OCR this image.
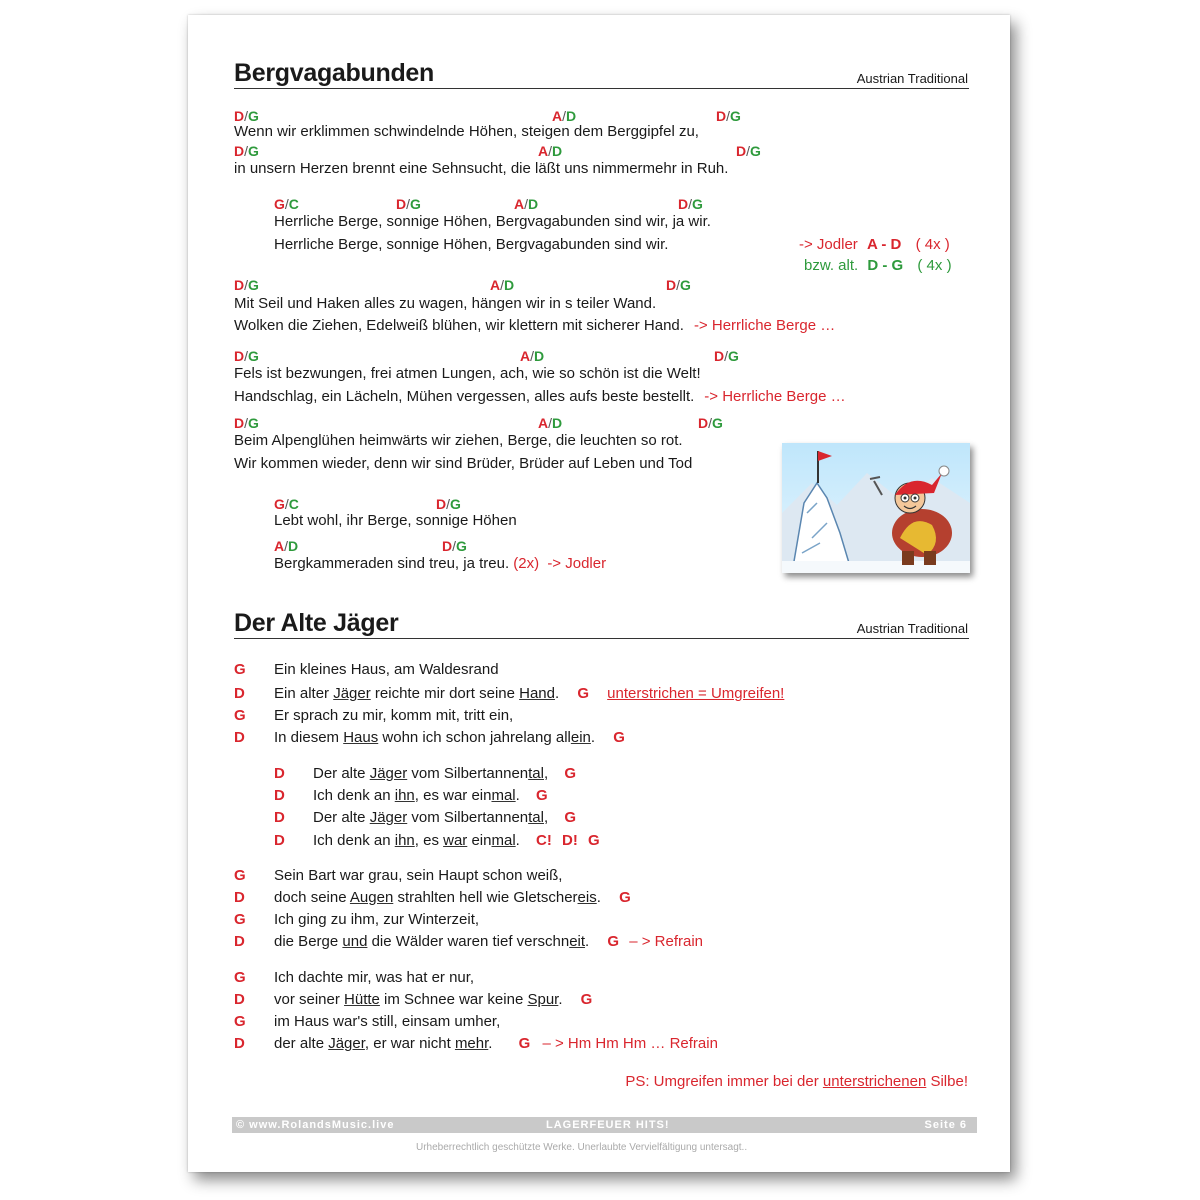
Bergvagabunden	Austrian Traditional
D/G	A/D	D/G
Wenn wir erklimmen schwindelnde Höhen, steigen dem Berggipfel zu,
D/G	A/D	D/G
in unsern Herzen brennt eine Sehnsucht, die läßt uns nimmermehr in Ruh.
G/C	D/G	A/D	D/G
Herrliche Berge, sonnige Höhen, Bergvagabunden sind wir, ja wir.
Herrliche Berge, sonnige Höhen, Bergvagabunden sind wir.	-> Jodler A - D ( 4x )
bzw. alt. D - G ( 4x )
D/G	A/D	D/G
Mit Seil und Haken alles zu wagen, hängen wir in s teiler Wand.
Wolken die Ziehen, Edelweiß blühen, wir klettern mit sicherer Hand. -> Herrliche Berge …
D/G	A/D	D/G
Fels ist bezwungen, frei atmen Lungen, ach, wie so schön ist die Welt!
Handschlag, ein Lächeln, Mühen vergessen, alles aufs beste bestellt. -> Herrliche Berge …
D/G	A/D	D/G
Beim Alpenglühen heimwärts wir ziehen, Berge, die leuchten so rot.
Wir kommen wieder, denn wir sind Brüder, Brüder auf Leben und Tod
G/C	D/G
Lebt wohl, ihr Berge, sonnige Höhen
A/D	D/G
Bergkammeraden sind treu, ja treu. (2x) -> Jodler
Der Alte Jäger	Austrian Traditional
G Ein kleines Haus, am Waldesrand
D Ein alter Jäger reichte mir dort seine Hand. G unterstrichen = Umgreifen!
G Er sprach zu mir, komm mit, tritt ein,
D In diesem Haus wohn ich schon jahrelang allein. G
D Der alte Jäger vom Silbertannental, G
D Ich denk an ihn, es war einmal. G
D Der alte Jäger vom Silbertannental, G
D Ich denk an ihn, es war einmal. C! D! G
G Sein Bart war grau, sein Haupt schon weiß,
D doch seine Augen strahlten hell wie Gletschereis. G
G Ich ging zu ihm, zur Winterzeit,
D die Berge und die Wälder waren tief verschneit. G – > Refrain
G Ich dachte mir, was hat er nur,
D vor seiner Hütte im Schnee war keine Spur. G
G im Haus war's still, einsam umher,
D der alte Jäger, er war nicht mehr. G – > Hm Hm Hm … Refrain
PS: Umgreifen immer bei der unterstrichenen Silbe!
© www.RolandsMusic.live	LAGERFEUER HITS!	Seite 6
Urheberrechtlich geschützte Werke. Unerlaubte Vervielfältigung untersagt..
